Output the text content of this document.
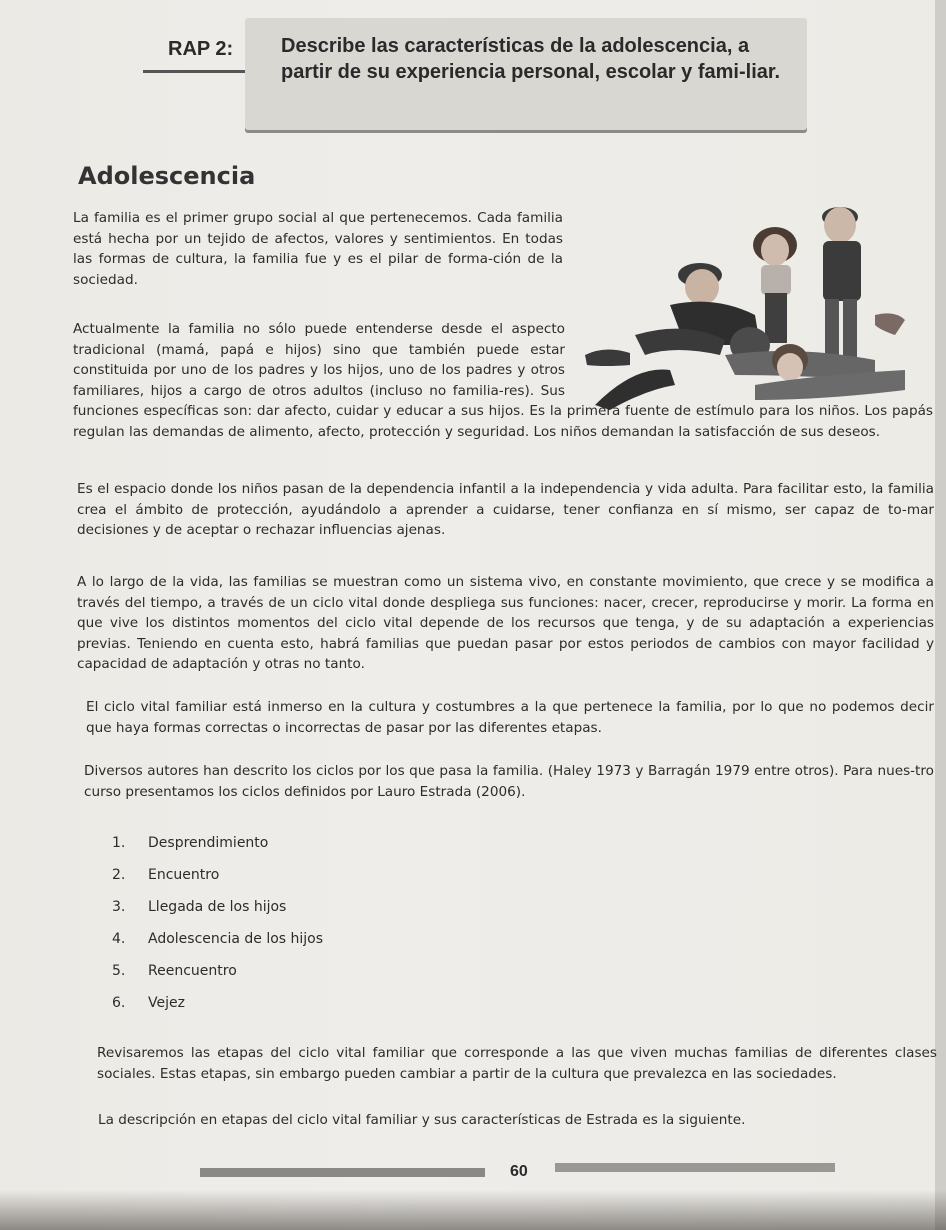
RAP 2: Describe las características de la adolescencia, a partir de su experiencia personal, escolar y fami-liar.
Adolescencia
La familia es el primer grupo social al que pertenecemos. Cada familia está hecha por un tejido de afectos, valores y sentimientos. En todas las formas de cultura, la familia fue y es el pilar de forma-ción de la sociedad.
Actualmente la familia no sólo puede entenderse desde el aspecto tradicional (mamá, papá e hijos) sino que también puede estar constituida por uno de los padres y los hijos, uno de los padres y otros familiares, hijos a cargo de otros adultos (incluso no familia-res). Sus funciones específicas son: dar afecto, cuidar y educar a sus hijos. Es la primera fuente de estímulo para los niños. Los papás regulan las demandas de alimento, afecto, protección y seguridad. Los niños demandan la satisfacción de sus deseos.
Es el espacio donde los niños pasan de la dependencia infantil a la independencia y vida adulta. Para facilitar esto, la familia crea el ámbito de protección, ayudándolo a aprender a cuidarse, tener confianza en sí mismo, ser capaz de to-mar decisiones y de aceptar o rechazar influencias ajenas.
A lo largo de la vida, las familias se muestran como un sistema vivo, en constante movimiento, que crece y se modifica a través del tiempo, a través de un ciclo vital donde despliega sus funciones: nacer, crecer, reproducirse y morir. La forma en que vive los distintos momentos del ciclo vital depende de los recursos que tenga, y de su adaptación a experiencias previas. Teniendo en cuenta esto, habrá familias que puedan pasar por estos periodos de cambios con mayor facilidad y capacidad de adaptación y otras no tanto.
El ciclo vital familiar está inmerso en la cultura y costumbres a la que pertenece la familia, por lo que no podemos decir que haya formas correctas o incorrectas de pasar por las diferentes etapas.
Diversos autores han descrito los ciclos por los que pasa la familia. (Haley 1973 y Barragán 1979 entre otros). Para nues-tro curso presentamos los ciclos definidos por Lauro Estrada (2006).
1. Desprendimiento
2. Encuentro
3. Llegada de los hijos
4. Adolescencia de los hijos
5. Reencuentro
6. Vejez
Revisaremos las etapas del ciclo vital familiar que corresponde a las que viven muchas familias de diferentes clases sociales. Estas etapas, sin embargo pueden cambiar a partir de la cultura que prevalezca en las sociedades.
La descripción en etapas del ciclo vital familiar y sus características de Estrada es la siguiente.
60
